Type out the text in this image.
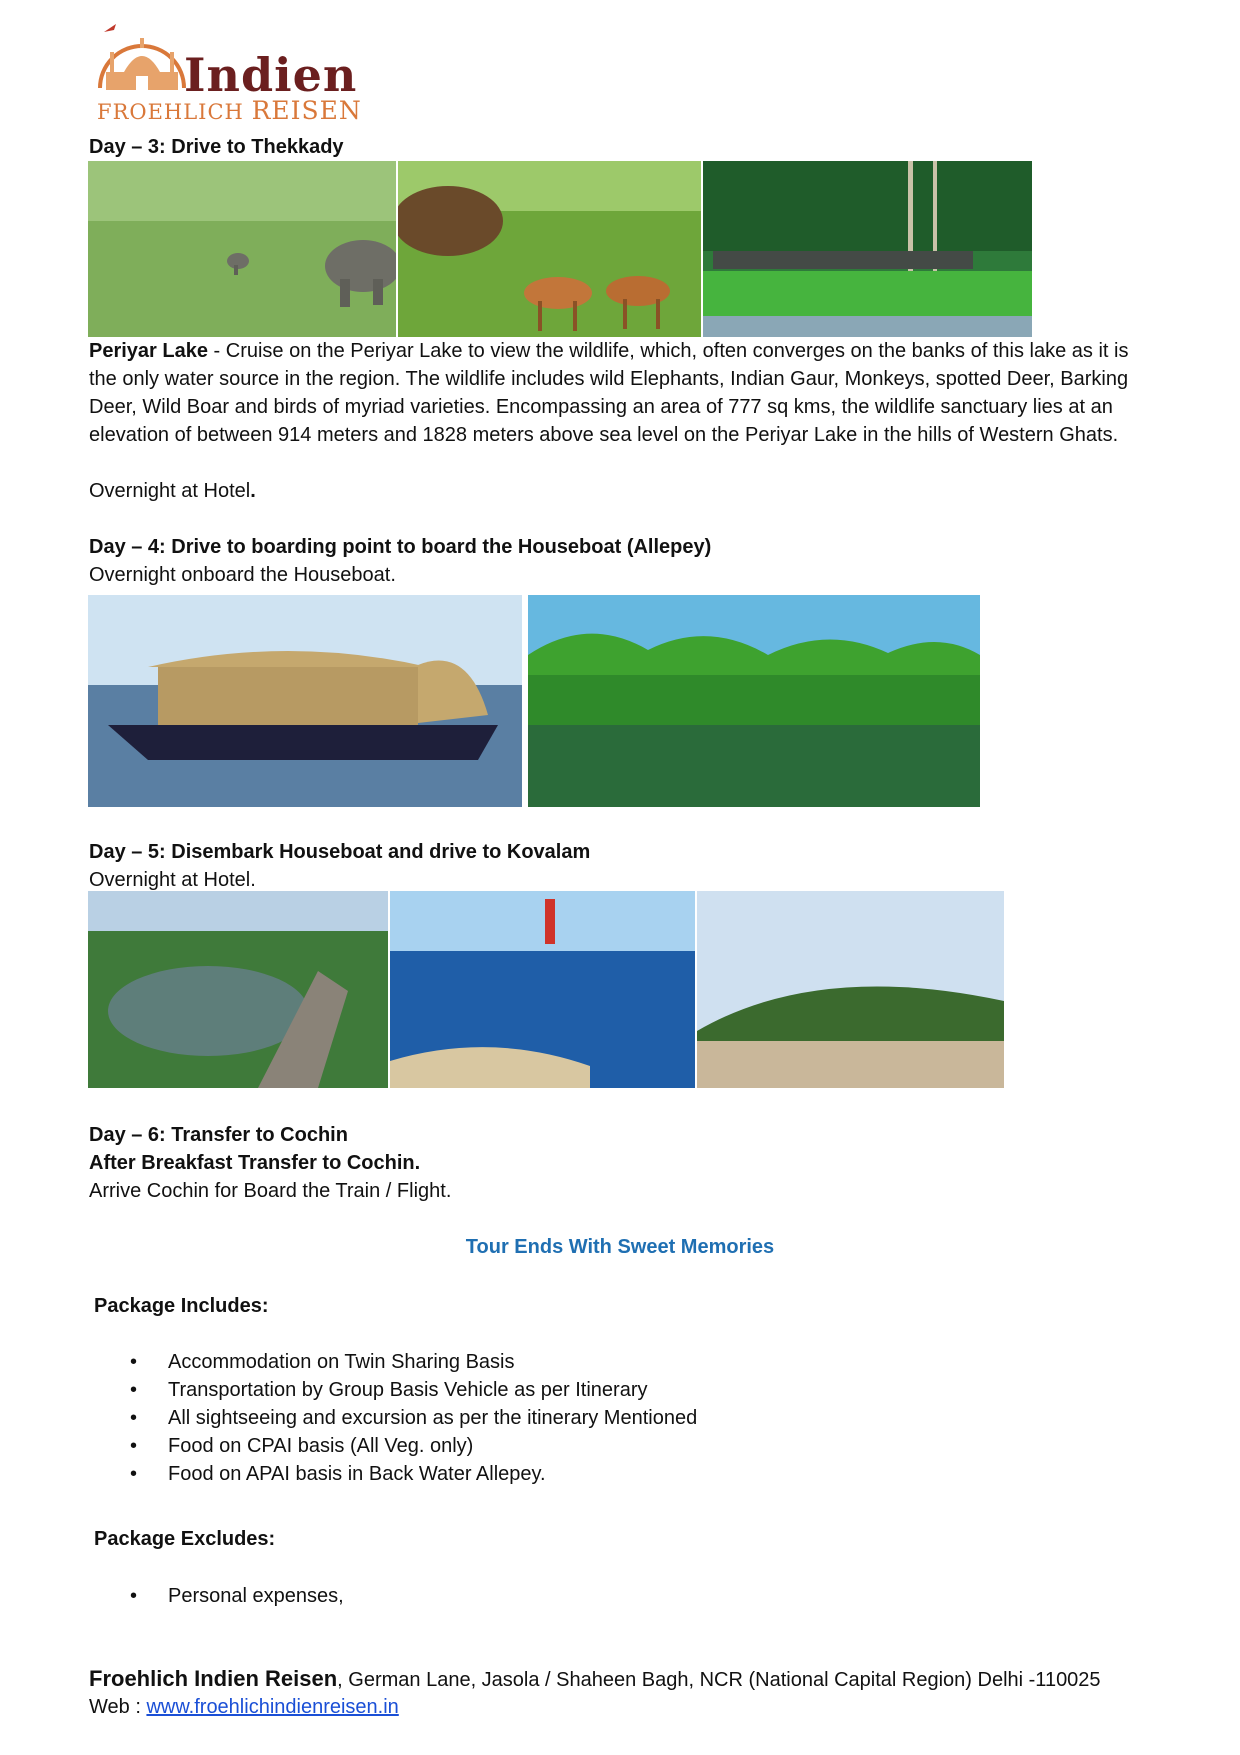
Indien
FROEHLICH REISEN
Day – 3: Drive to Thekkady
Periyar Lake - Cruise on the Periyar Lake to view the wildlife, which, often converges on the banks of this lake as it is the only water source in the region. The wildlife includes wild Elephants, Indian Gaur, Monkeys, spotted Deer, Barking Deer, Wild Boar and birds of myriad varieties. Encompassing an area of 777 sq kms, the wildlife sanctuary lies at an elevation of between 914 meters and 1828 meters above sea level on the Periyar Lake in the hills of Western Ghats.
Overnight at Hotel.
Day – 4: Drive to boarding point to board the Houseboat (Allepey)
Overnight onboard the Houseboat.
Day – 5: Disembark Houseboat and drive to Kovalam
Overnight at Hotel.
Day – 6: Transfer to Cochin
After Breakfast Transfer to Cochin.
Arrive Cochin for Board the Train / Flight.
Tour Ends With Sweet Memories
Package Includes:
• Accommodation on Twin Sharing Basis
• Transportation by Group Basis Vehicle as per Itinerary
• All sightseeing and excursion as per the itinerary Mentioned
• Food on CPAI basis (All Veg. only)
• Food on APAI basis in Back Water Allepey.
Package Excludes:
• Personal expenses,
Froehlich Indien Reisen, German Lane, Jasola / Shaheen Bagh, NCR (National Capital Region) Delhi -110025
Web : www.froehlichindienreisen.in
